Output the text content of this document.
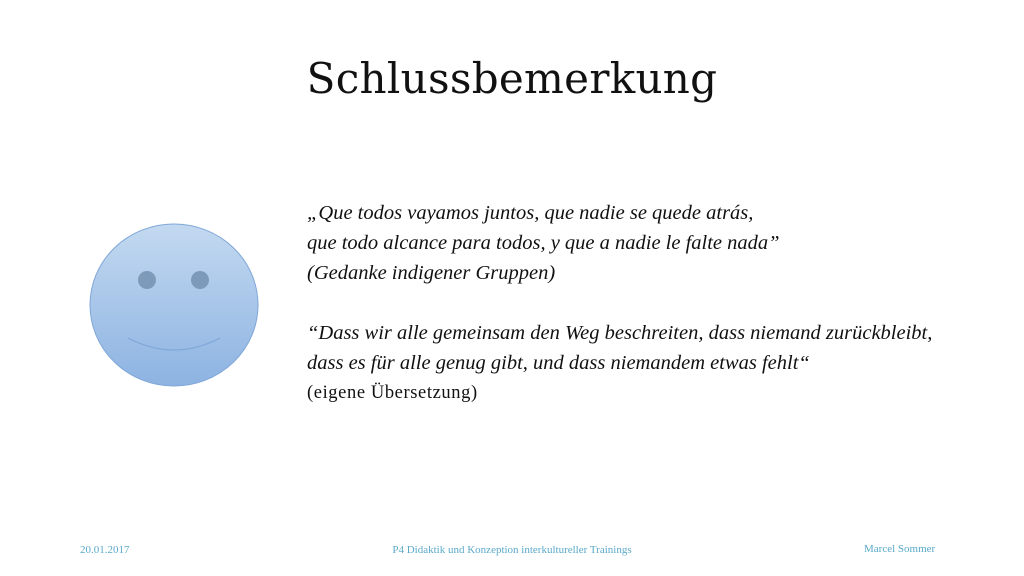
Schlussbemerkung
„Que todos vayamos juntos, que nadie se quede atrás,
que todo alcance para todos, y que a nadie le falte nada”
(Gedanke indigener Gruppen)
“Dass wir alle gemeinsam den Weg beschreiten, dass niemand zurückbleibt,
dass es für alle genug gibt, und dass niemandem etwas fehlt“
(eigene Übersetzung)
20.01.2017	P4 Didaktik und Konzeption interkultureller Trainings	Marcel Sommer
